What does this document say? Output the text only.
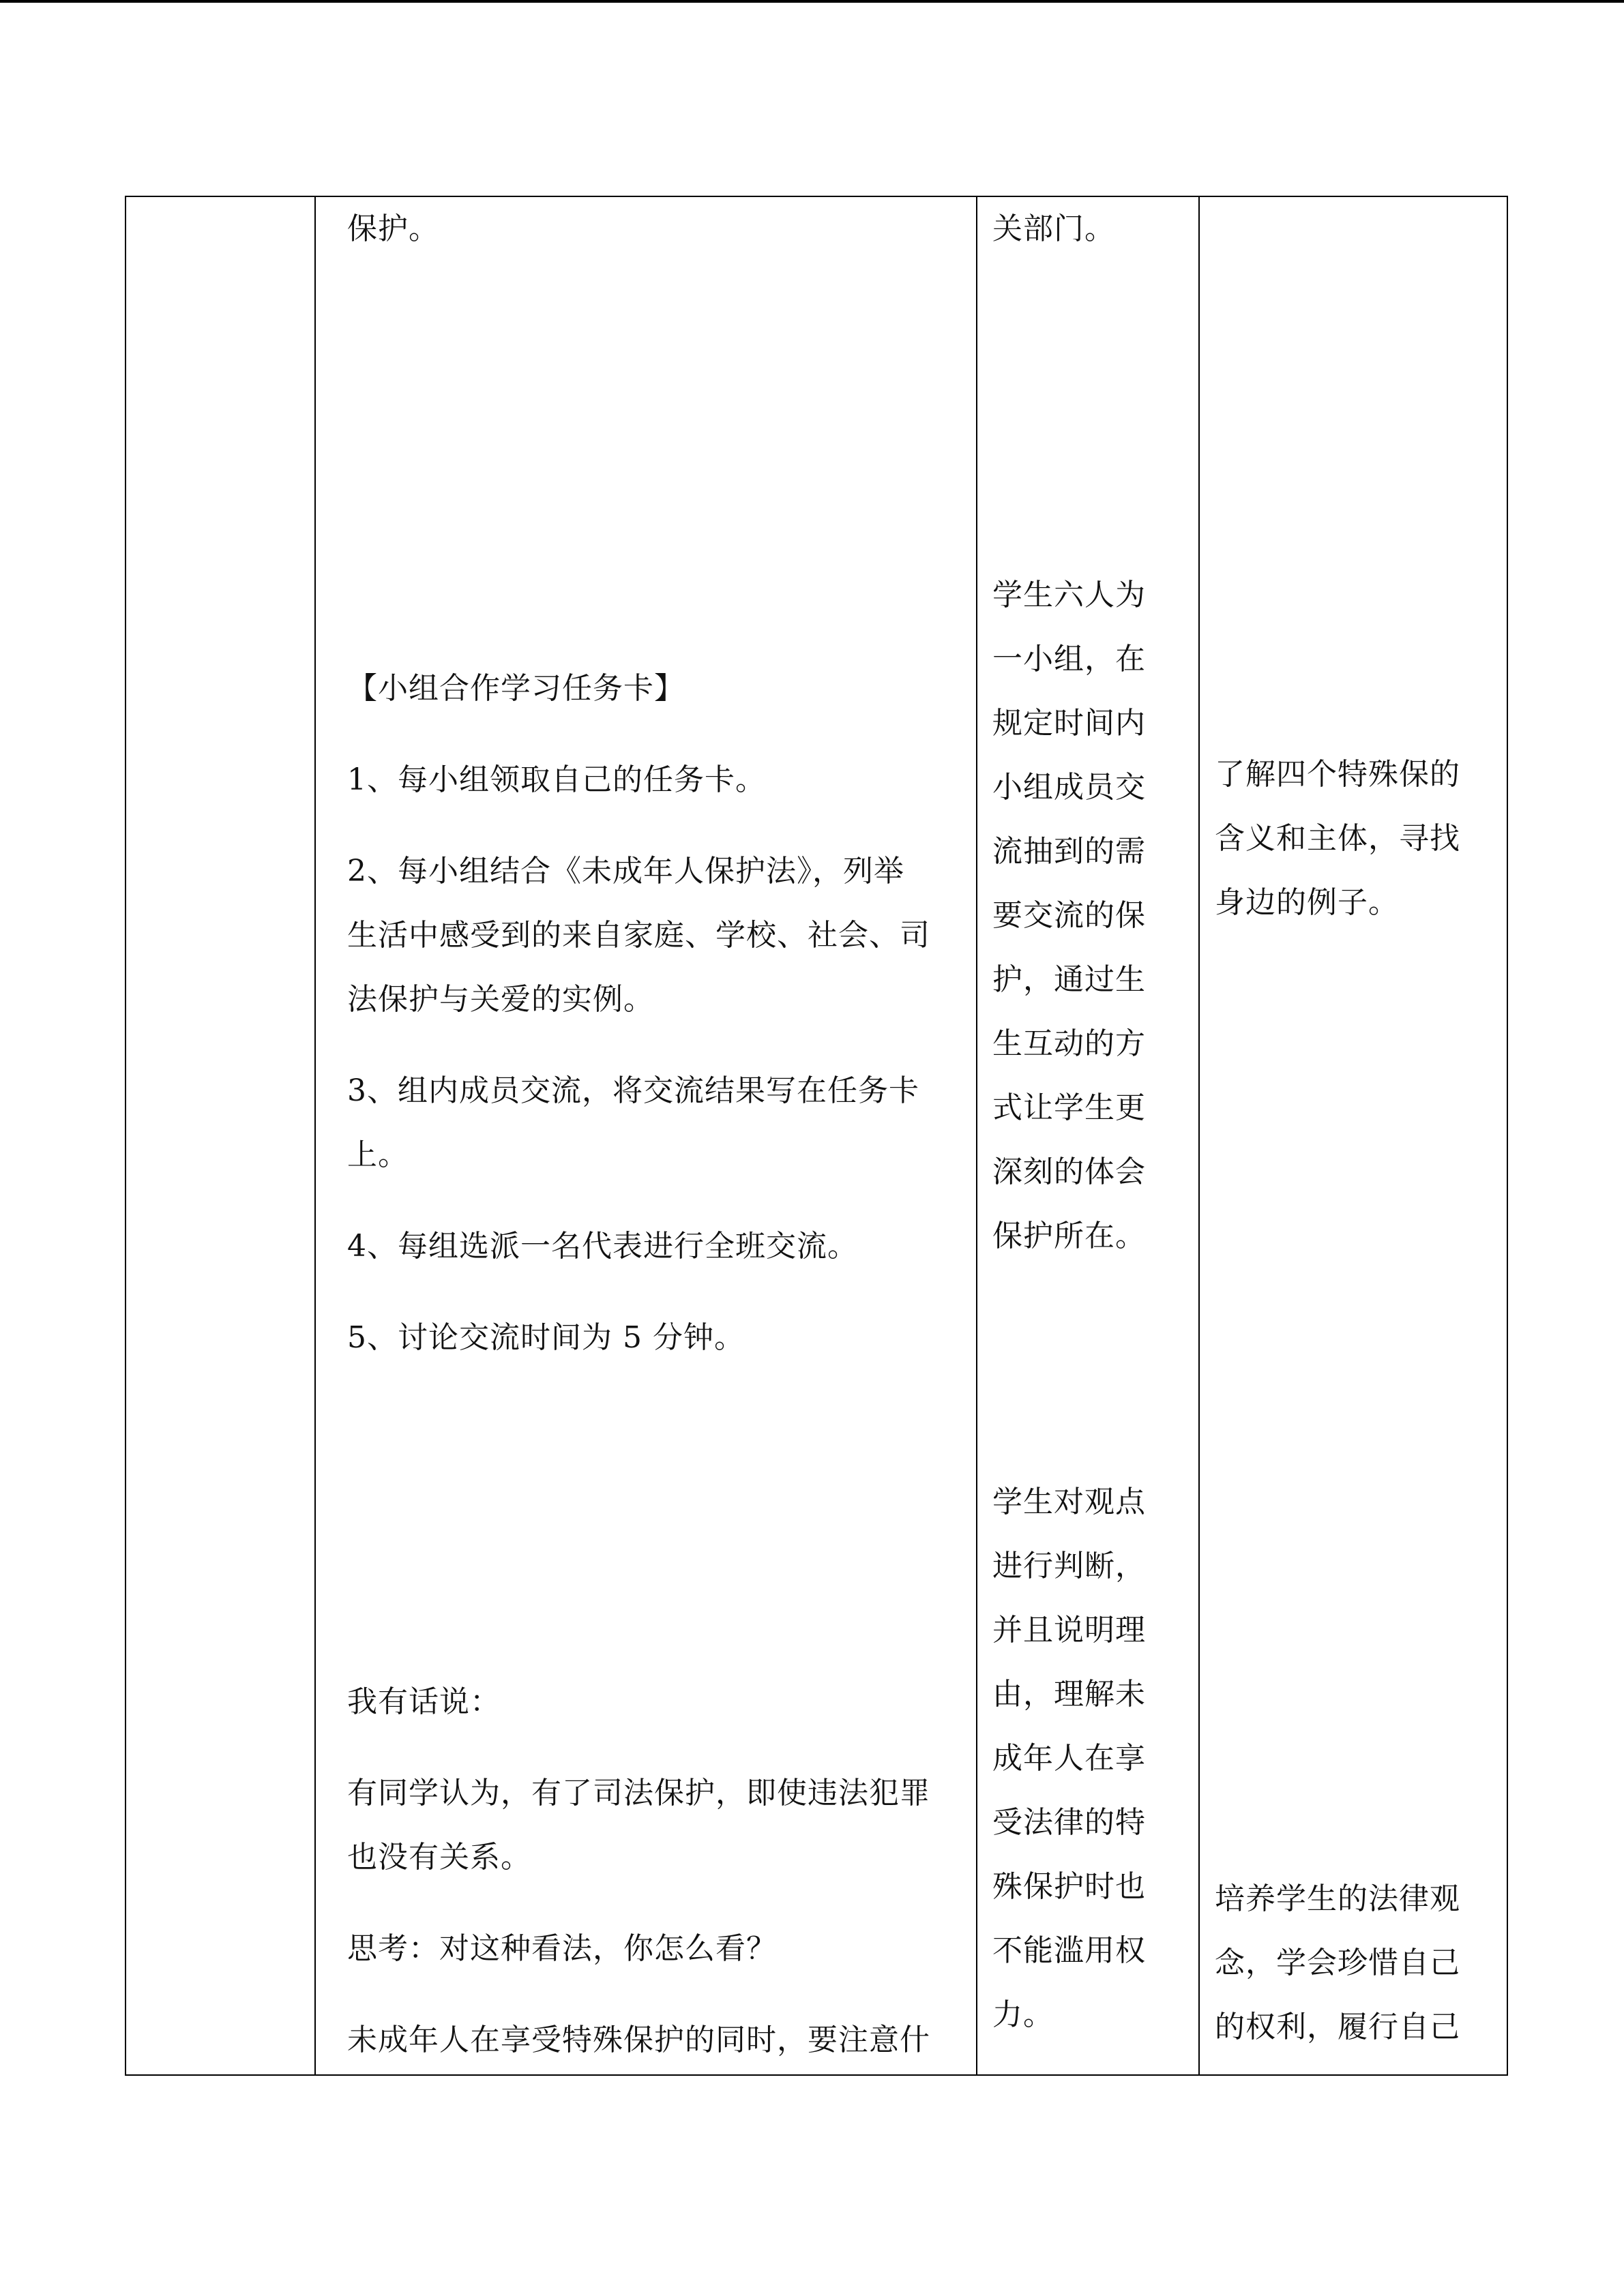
保护。

【小组合作学习任务卡】

1、每小组领取自己的任务卡。

2、每小组结合《未成年人保护法》，列举

生活中感受到的来自家庭、学校、社会、司

法保护与关爱的实例。

3、组内成员交流，将交流结果写在任务卡

上。

4、每组选派一名代表进行全班交流。

5、讨论交流时间为 5 分钟。

我有话说：

有同学认为，有了司法保护，即使违法犯罪

也没有关系。

思考：对这种看法，你怎么看？

未成年人在享受特殊保护的同时，要注意什

关部门。

学生六人为

一小组，在

规定时间内

小组成员交

流抽到的需

要交流的保

护，通过生

生互动的方

式让学生更

深刻的体会

保护所在。

学生对观点

进行判断，

并且说明理

由，理解未

成年人在享

受法律的特

殊保护时也

不能滥用权

力。

了解四个特殊保的

含义和主体，寻找

身边的例子。

培养学生的法律观

念，学会珍惜自己

的权利，履行自己
